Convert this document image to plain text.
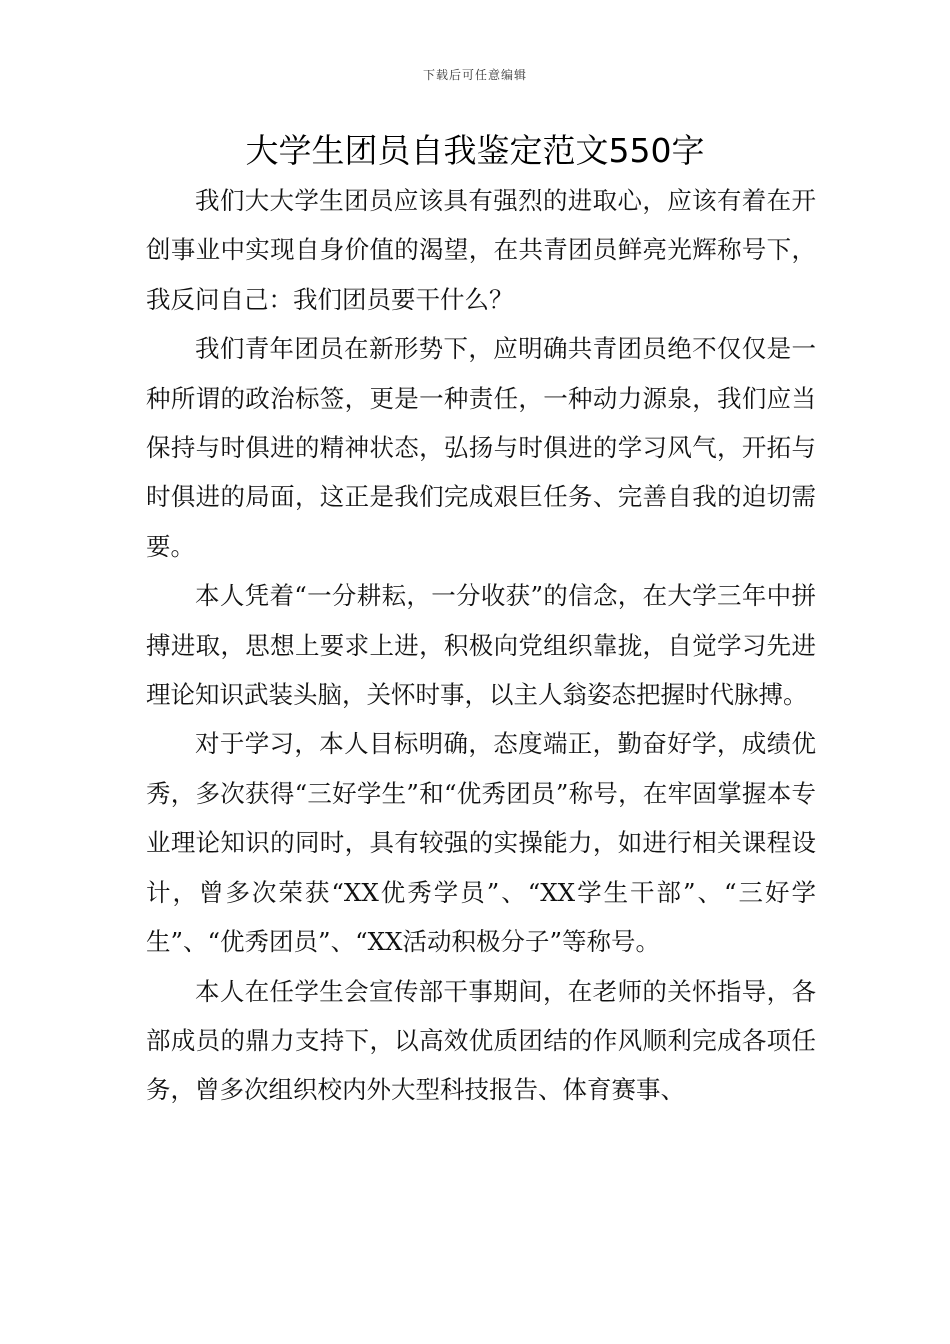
下载后可任意编辑
大学生团员自我鉴定范文550字

我们大大学生团员应该具有强烈的进取心，应该有着在开创事业中实现自身价值的渴望，在共青团员鲜亮光辉称号下，我反问自己：我们团员要干什么？

我们青年团员在新形势下，应明确共青团员绝不仅仅是一种所谓的政治标签，更是一种责任，一种动力源泉，我们应当保持与时俱进的精神状态，弘扬与时俱进的学习风气，开拓与时俱进的局面，这正是我们完成艰巨任务、完善自我的迫切需要。

本人凭着“一分耕耘，一分收获”的信念，在大学三年中拼搏进取，思想上要求上进，积极向党组织靠拢，自觉学习先进理论知识武装头脑，关怀时事，以主人翁姿态把握时代脉搏。

对于学习，本人目标明确，态度端正，勤奋好学，成绩优秀，多次获得“三好学生”和“优秀团员”称号，在牢固掌握本专业理论知识的同时，具有较强的实操能力，如进行相关课程设计，曾多次荣获“XX优秀学员”、“XX学生干部”、“三好学生”、“优秀团员”、“XX活动积极分子”等称号。

本人在任学生会宣传部干事期间，在老师的关怀指导，各部成员的鼎力支持下，以高效优质团结的作风顺利完成各项任务，曾多次组织校内外大型科技报告、体育赛事、
